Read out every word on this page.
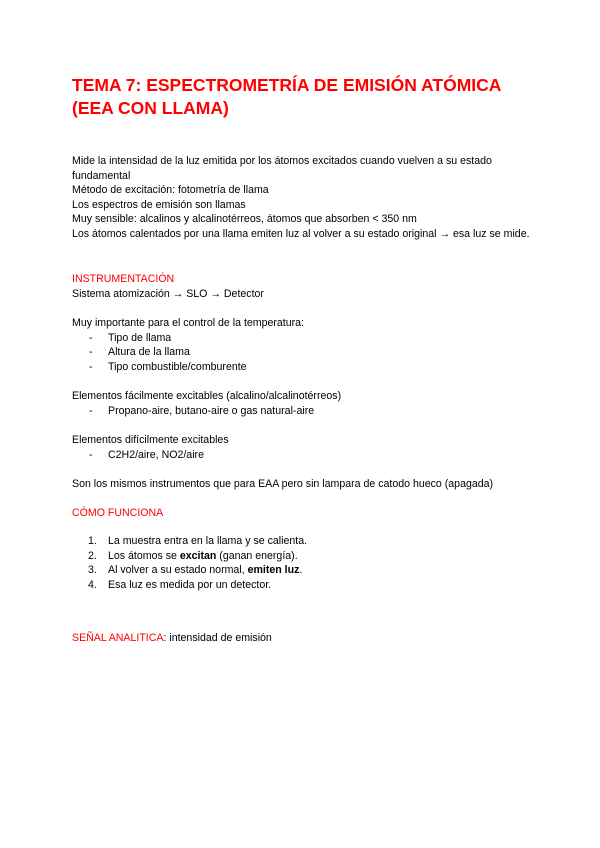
TEMA 7: ESPECTROMETRÍA DE EMISIÓN ATÓMICA
(EEA CON LLAMA)
Mide la intensidad de la luz emitida por los átomos excitados cuando vuelven a su estado fundamental
Método de excitación: fotometría de llama
Los espectros de emisión son llamas
Muy sensible: alcalinos y alcalinotérreos, átomos que absorben < 350 nm
Los átomos calentados por una llama emiten luz al volver a su estado original → esa luz se mide.
INSTRUMENTACIÓN
Sistema atomización → SLO → Detector
Muy importante para el control de la temperatura:
- Tipo de llama
- Altura de la llama
- Tipo combustible/comburente
Elementos fácilmente excitables (alcalino/alcalinotérreos)
- Propano-aire, butano-aire o gas natural-aire
Elementos difícilmente excitables
- C2H2/aire, NO2/aire
Son los mismos instrumentos que para EAA pero sin lampara de catodo hueco (apagada)
CÓMO FUNCIONA
1. La muestra entra en la llama y se calienta.
2. Los átomos se excitan (ganan energía).
3. Al volver a su estado normal, emiten luz.
4. Esa luz es medida por un detector.
SEÑAL ANALITICA: intensidad de emisión
